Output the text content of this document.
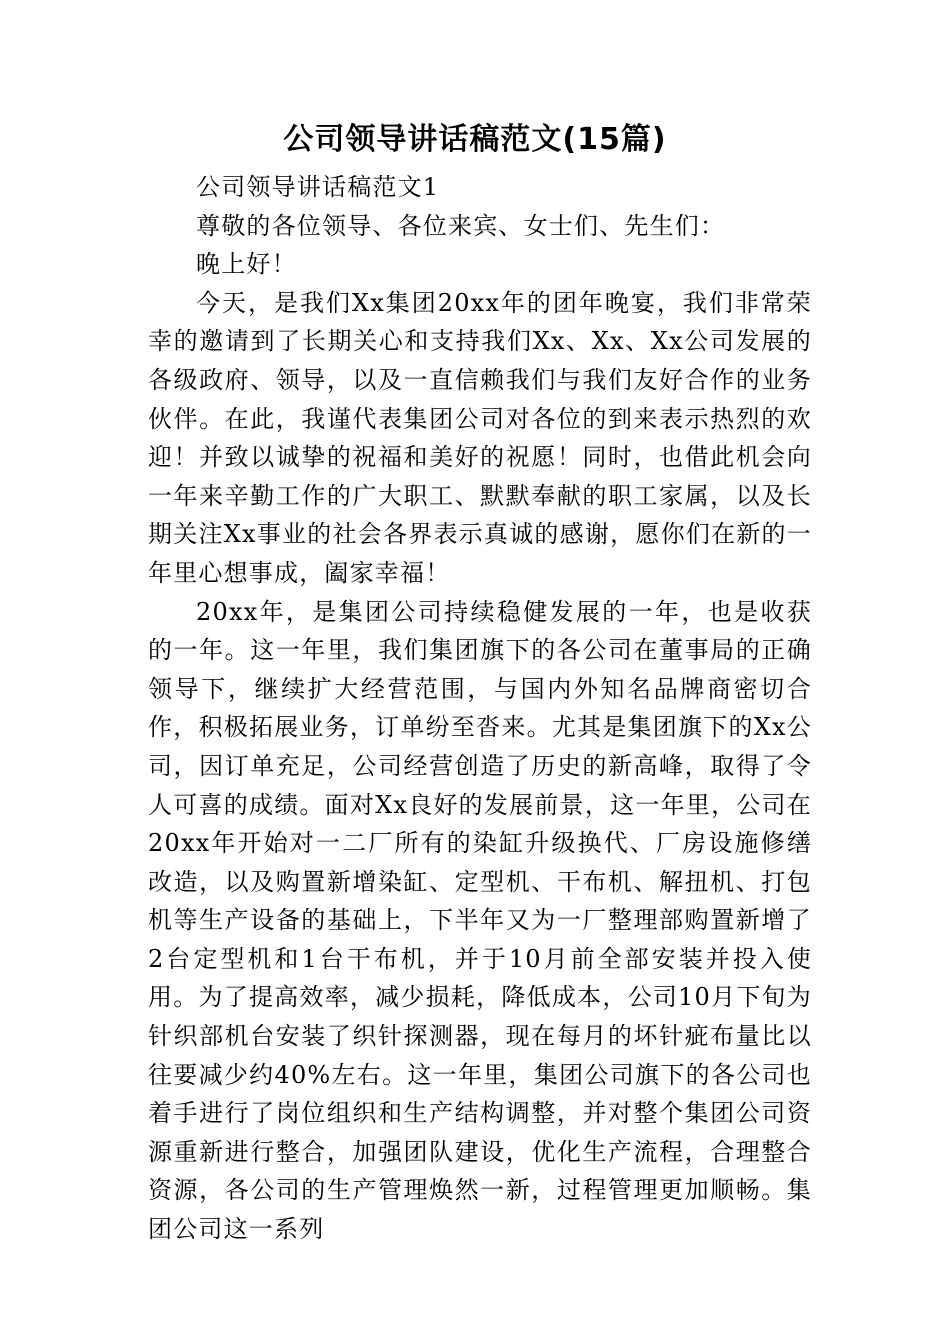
公司领导讲话稿范文(15篇)

公司领导讲话稿范文1

尊敬的各位领导、各位来宾、女士们、先生们：

晚上好！

今天，是我们Xx集团20xx年的团年晚宴，我们非常荣幸的邀请到了长期关心和支持我们Xx、Xx、Xx公司发展的各级政府、领导，以及一直信赖我们与我们友好合作的业务伙伴。在此，我谨代表集团公司对各位的到来表示热烈的欢迎！并致以诚挚的祝福和美好的祝愿！同时，也借此机会向一年来辛勤工作的广大职工、默默奉献的职工家属，以及长期关注Xx事业的社会各界表示真诚的感谢，愿你们在新的一年里心想事成，阖家幸福！

20xx年，是集团公司持续稳健发展的一年，也是收获的一年。这一年里，我们集团旗下的各公司在董事局的正确领导下，继续扩大经营范围，与国内外知名品牌商密切合作，积极拓展业务，订单纷至沓来。尤其是集团旗下的Xx公司，因订单充足，公司经营创造了历史的新高峰，取得了令人可喜的成绩。面对Xx良好的发展前景，这一年里，公司在20xx年开始对一二厂所有的染缸升级换代、厂房设施修缮改造，以及购置新增染缸、定型机、干布机、解扭机、打包机等生产设备的基础上，下半年又为一厂整理部购置新增了2台定型机和1台干布机，并于10月前全部安装并投入使用。为了提高效率，减少损耗，降低成本，公司10月下旬为针织部机台安装了织针探测器，现在每月的坏针疵布量比以往要减少约40%左右。这一年里，集团公司旗下的各公司也着手进行了岗位组织和生产结构调整，并对整个集团公司资源重新进行整合，加强团队建设，优化生产流程，合理整合资源，各公司的生产管理焕然一新，过程管理更加顺畅。集团公司这一系列
